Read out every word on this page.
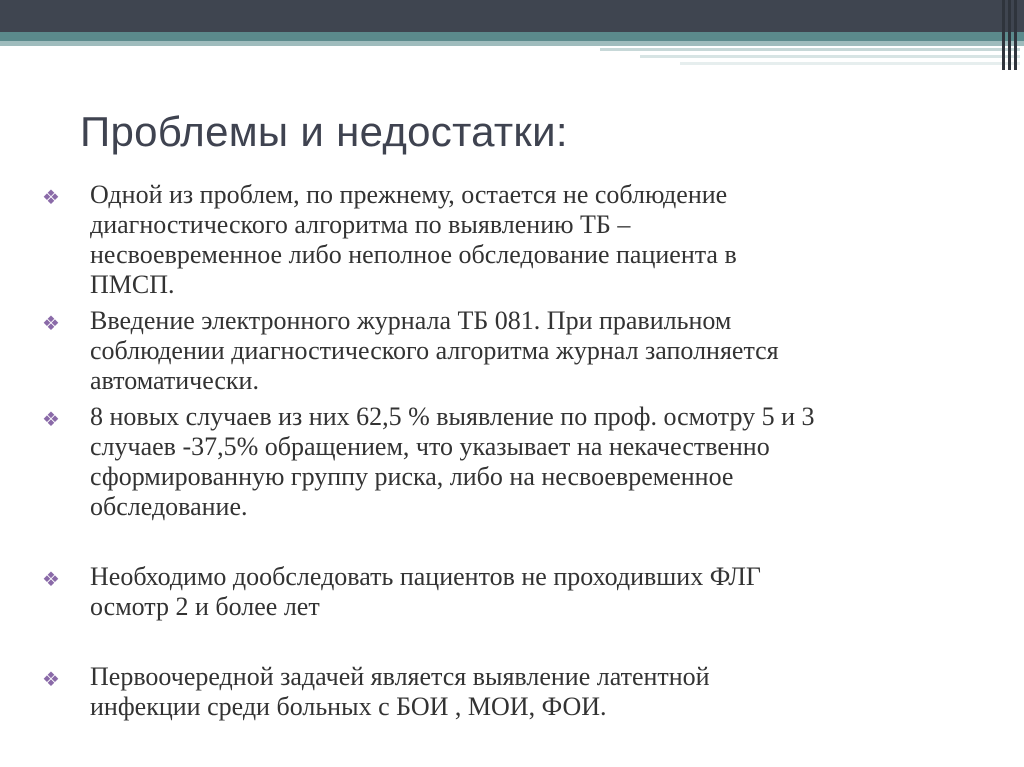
Проблемы и недостатки:
❖ Одной из проблем, по прежнему, остается не соблюдение
диагностического алгоритма по выявлению ТБ –
несвоевременное либо неполное обследование пациента в
ПМСП.
❖ Введение электронного журнала ТБ 081. При правильном
соблюдении диагностического алгоритма журнал заполняется
автоматически.
❖ 8 новых случаев из них 62,5 % выявление по проф. осмотру 5 и 3
случаев -37,5% обращением, что указывает на некачественно
сформированную группу риска, либо на несвоевременное
обследование.
❖ Необходимо дообследовать пациентов не проходивших ФЛГ
осмотр 2 и более лет
❖ Первоочередной задачей является выявление латентной
инфекции среди больных с БОИ , МОИ, ФОИ.
